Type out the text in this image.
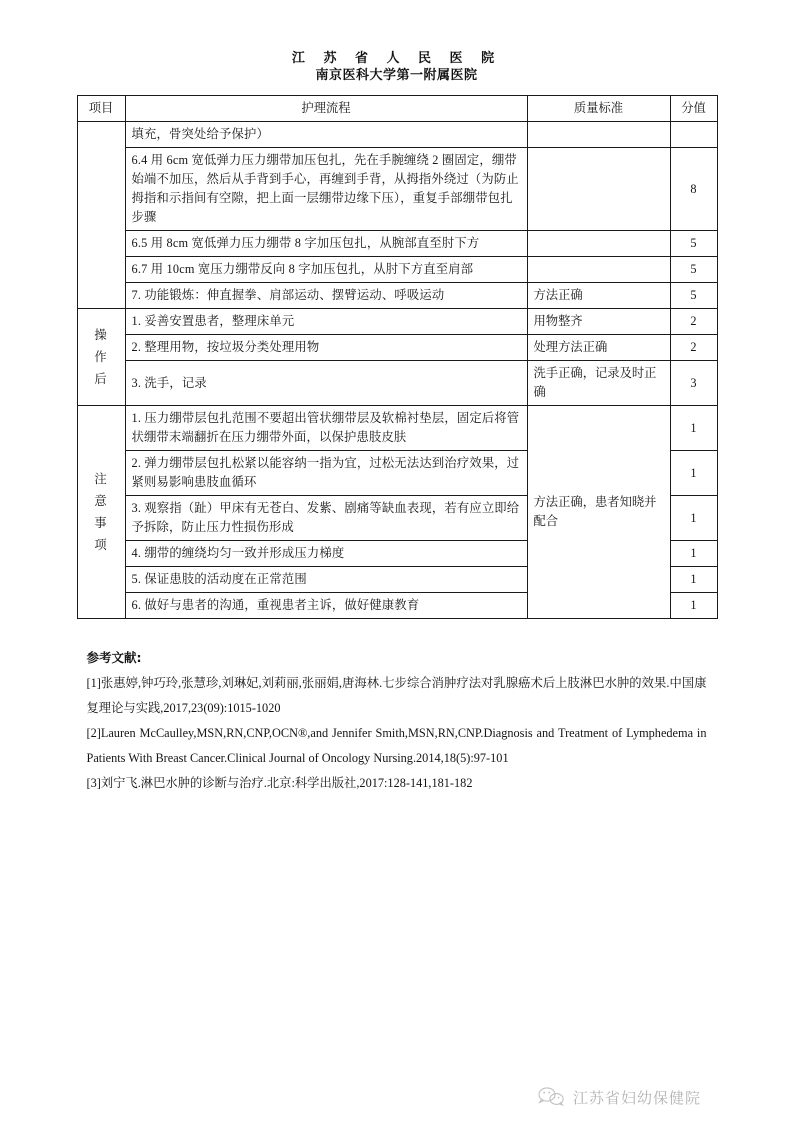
江 苏 省 人 民 医 院
南京医科大学第一附属医院
项目	护理流程	质量标准	分值
	填充，骨突处给予保护）		
	6.4 用 6cm 宽低弹力压力绷带加压包扎，先在手腕缠绕 2 圈固定，绷带始端不加压，然后从手背到手心，再缠到手背，从拇指外绕过（为防止拇指和示指间有空隙，把上面一层绷带边缘下压），重复手部绷带包扎步骤		8
	6.5 用 8cm 宽低弹力压力绷带 8 字加压包扎，从腕部直至肘下方		5
	6.7 用 10cm 宽压力绷带反向 8 字加压包扎，从肘下方直至肩部		5
	7. 功能锻炼：伸直握拳、肩部运动、摆臂运动、呼吸运动	方法正确	5

操
作
后	1. 妥善安置患者，整理床单元	用物整齐	2
	2. 整理用物，按垃圾分类处理用物	处理方法正确	2
	3. 洗手，记录	洗手正确，记录及时正确	3

注
意
事
项	1. 压力绷带层包扎范围不要超出管状绷带层及软棉衬垫层，固定后将管状绷带末端翻折在压力绷带外面，以保护患肢皮肤	方法正确，患者知晓并配合	1
	2. 弹力绷带层包扎松紧以能容纳一指为宜，过松无法达到治疗效果，过紧则易影响患肢血循环		1
	3. 观察指（趾）甲床有无苍白、发紫、剧痛等缺血表现，若有应立即给予拆除，防止压力性损伤形成		1
	4. 绷带的缠绕均匀一致并形成压力梯度		1
	5. 保证患肢的活动度在正常范围		1
	6. 做好与患者的沟通，重视患者主诉，做好健康教育		1
参考文献:
[1]张惠婷,钟巧玲,张慧珍,刘琳妃,刘莉丽,张丽娟,唐海林.七步综合消肿疗法对乳腺癌术后上肢淋巴水肿的效果.中国康复理论与实践,2017,23(09):1015-1020
[2]Lauren McCaulley,MSN,RN,CNP,OCN®,and Jennifer Smith,MSN,RN,CNP.Diagnosis and Treatment of Lymphedema in Patients With Breast Cancer.Clinical Journal of Oncology Nursing.2014,18(5):97-101
[3]刘宁飞.淋巴水肿的诊断与治疗.北京:科学出版社,2017:128-141,181-182
江苏省妇幼保健院
